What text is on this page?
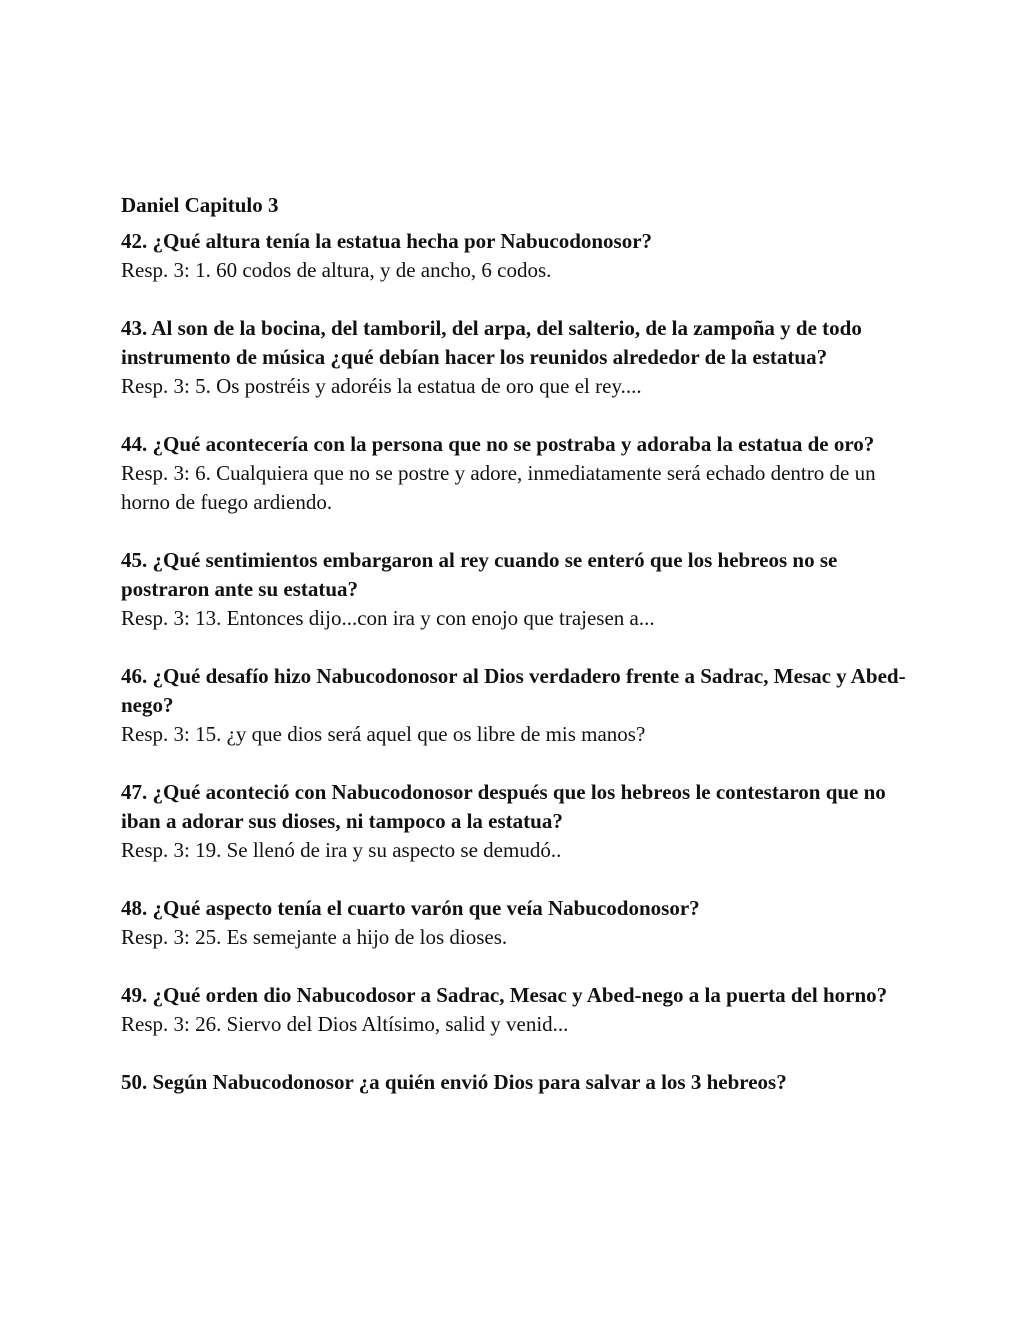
Daniel Capitulo 3

42. ¿Qué altura tenía la estatua hecha por Nabucodonosor?

Resp. 3: 1. 60 codos de altura, y de ancho, 6 codos.

43. Al son de la bocina, del tamboril, del arpa, del salterio, de la zampoña y de todo instrumento de música ¿qué debían hacer los reunidos alrededor de la estatua?

Resp. 3: 5. Os postréis y adoréis la estatua de oro que el rey....

44. ¿Qué acontecería con la persona que no se postraba y adoraba la estatua de oro?

Resp. 3: 6. Cualquiera que no se postre y adore, inmediatamente será echado dentro de un horno de fuego ardiendo.

45. ¿Qué sentimientos embargaron al rey cuando se enteró que los hebreos no se postraron ante su estatua?

Resp. 3: 13. Entonces dijo...con ira y con enojo que trajesen a...

46. ¿Qué desafío hizo Nabucodonosor al Dios verdadero frente a Sadrac, Mesac y Abed-nego?

Resp. 3: 15. ¿y que dios será aquel que os libre de mis manos?

47. ¿Qué aconteció con Nabucodonosor después que los hebreos le contestaron que no iban a adorar sus dioses, ni tampoco a la estatua?

Resp. 3: 19. Se llenó de ira y su aspecto se demudó..

48. ¿Qué aspecto tenía el cuarto varón que veía Nabucodonosor?

Resp. 3: 25. Es semejante a hijo de los dioses.

49. ¿Qué orden dio Nabucodosor a Sadrac, Mesac y Abed-nego a la puerta del horno?

Resp. 3: 26. Siervo del Dios Altísimo, salid y venid...

50. Según Nabucodonosor ¿a quién envió Dios para salvar a los 3 hebreos?
